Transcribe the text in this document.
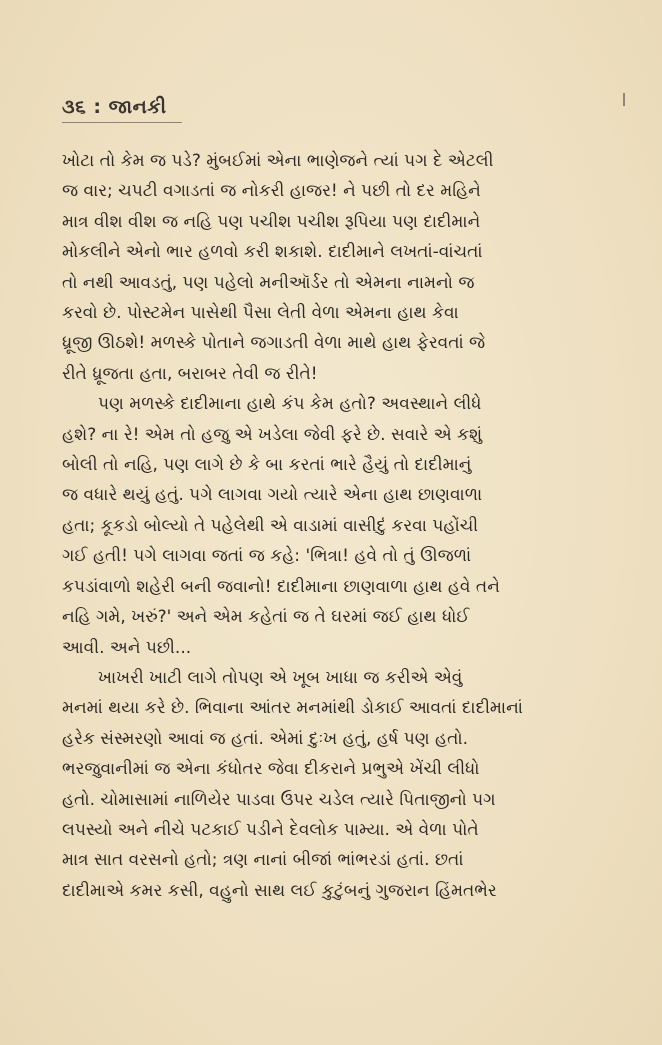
૩૬ : જાનકી

ખોટા તો કેમ જ પડે? મુંબઈમાં એના ભાણેજને ત્યાં પગ દે એટલી
જ વાર; ચપટી વગાડતાં જ નોકરી હાજર! ને પછી તો દર મહિને
માત્ર વીશ વીશ જ નહિ પણ પચીશ પચીશ રૂપિયા પણ દાદીમાને
મોકલીને એનો ભાર હળવો કરી શકાશે. દાદીમાને લખતાં-વાંચતાં
તો નથી આવડતું, પણ પહેલો મનીઑર્ડર તો એમના નામનો જ
કરવો છે. પોસ્ટમેન પાસેથી પૈસા લેતી વેળા એમના હાથ કેવા
ધ્રૂજી ઊઠશે! મળસ્કે પોતાને જગાડતી વેળા માથે હાથ ફેરવતાં જે
રીતે ધ્રૂજતા હતા, બરાબર તેવી જ રીતે!

પણ મળસ્કે દાદીમાના હાથે કંપ કેમ હતો? અવસ્થાને લીધે
હશે? ના રે! એમ તો હજુ એ ખડેલા જેવી ફરે છે. સવારે એ કશું
બોલી તો નહિ, પણ લાગે છે કે બા કરતાં ભારે હૈયું તો દાદીમાનું
જ વધારે થયું હતું. પગે લાગવા ગયો ત્યારે એના હાથ છાણવાળા
હતા; કૂકડો બોલ્યો તે પહેલેથી એ વાડામાં વાસીદું કરવા પહોંચી
ગઈ હતી! પગે લાગવા જતાં જ કહે: 'ભિત્રા! હવે તો તું ઊજળાં
કપડાંવાળો શહેરી બની જવાનો! દાદીમાના છાણવાળા હાથ હવે તને
નહિ ગમે, ખરું?' અને એમ કહેતાં જ તે ઘરમાં જઈ હાથ ધોઈ
આવી. અને પછી...

ખાખરી ખાટી લાગે તોપણ એ ખૂબ ખાધા જ કરીએ એવું
મનમાં થયા કરે છે. ભિવાના આંતર મનમાંથી ડોકાઈ આવતાં દાદીમાનાં
હરેક સંસ્મરણો આવાં જ હતાં. એમાં દુઃખ હતું, હર્ષ પણ હતો.
ભરજુવાનીમાં જ એના કંધોતર જેવા દીકરાને પ્રભુએ ખેંચી લીધો
હતો. ચોમાસામાં નાળિયેર પાડવા ઉપર ચડેલ ત્યારે પિતાજીનો પગ
લપસ્યો અને નીચે પટકાઈ પડીને દેવલોક પામ્યા. એ વેળા પોતે
માત્ર સાત વરસનો હતો; ત્રણ નાનાં બીજાં ભાંભરડાં હતાં. છતાં
દાદીમાએ કમર કસી, વહુનો સાથ લઈ કુટુંબનું ગુજરાન હિંમતભેર
